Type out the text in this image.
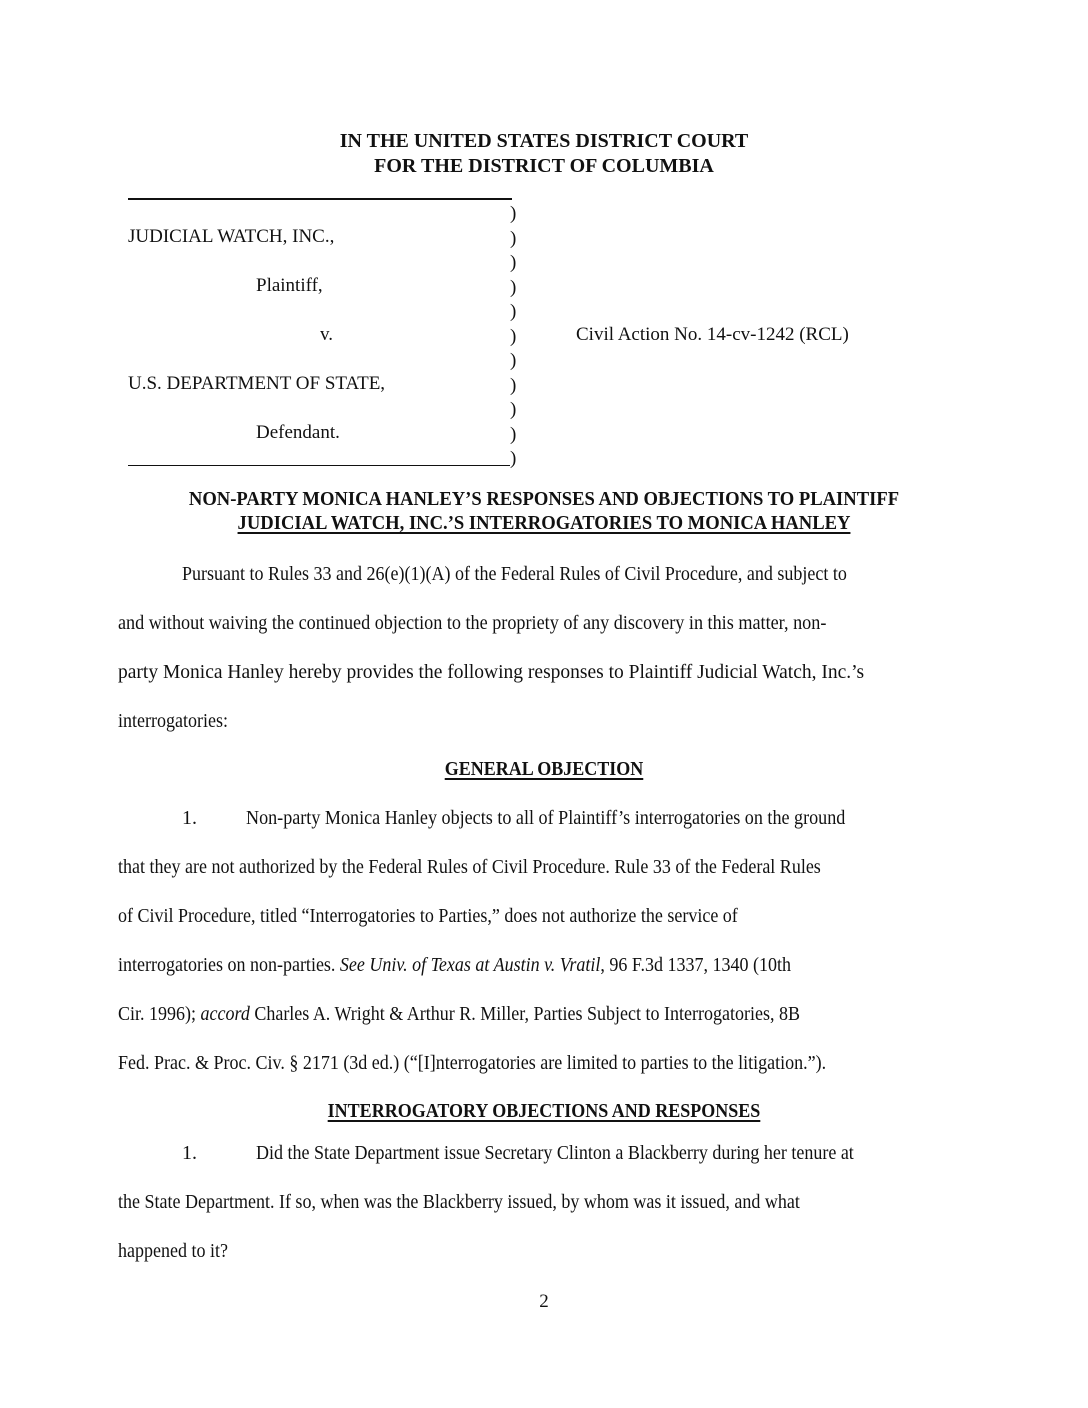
IN THE UNITED STATES DISTRICT COURT
FOR THE DISTRICT OF COLUMBIA
JUDICIAL WATCH, INC.,
Plaintiff,
v.
U.S. DEPARTMENT OF STATE,
Defendant.
)
)
)
)
)
)
)
)
)
)
)
Civil Action No. 14-cv-1242 (RCL)
NON-PARTY MONICA HANLEY’S RESPONSES AND OBJECTIONS TO PLAINTIFF
JUDICIAL WATCH, INC.’S INTERROGATORIES TO MONICA HANLEY
Pursuant to Rules 33 and 26(e)(1)(A) of the Federal Rules of Civil Procedure, and subject to
and without waiving the continued objection to the propriety of any discovery in this matter, non-
party Monica Hanley hereby provides the following responses to Plaintiff Judicial Watch, Inc.’s
interrogatories:
GENERAL OBJECTION
1. Non-party Monica Hanley objects to all of Plaintiff’s interrogatories on the ground
that they are not authorized by the Federal Rules of Civil Procedure. Rule 33 of the Federal Rules
of Civil Procedure, titled “Interrogatories to Parties,” does not authorize the service of
interrogatories on non-parties. See Univ. of Texas at Austin v. Vratil, 96 F.3d 1337, 1340 (10th
Cir. 1996); accord Charles A. Wright & Arthur R. Miller, Parties Subject to Interrogatories, 8B
Fed. Prac. & Proc. Civ. § 2171 (3d ed.) (“[I]nterrogatories are limited to parties to the litigation.”).
INTERROGATORY OBJECTIONS AND RESPONSES
1.	Did the State Department issue Secretary Clinton a Blackberry during her tenure at
the State Department. If so, when was the Blackberry issued, by whom was it issued, and what
happened to it?
2
